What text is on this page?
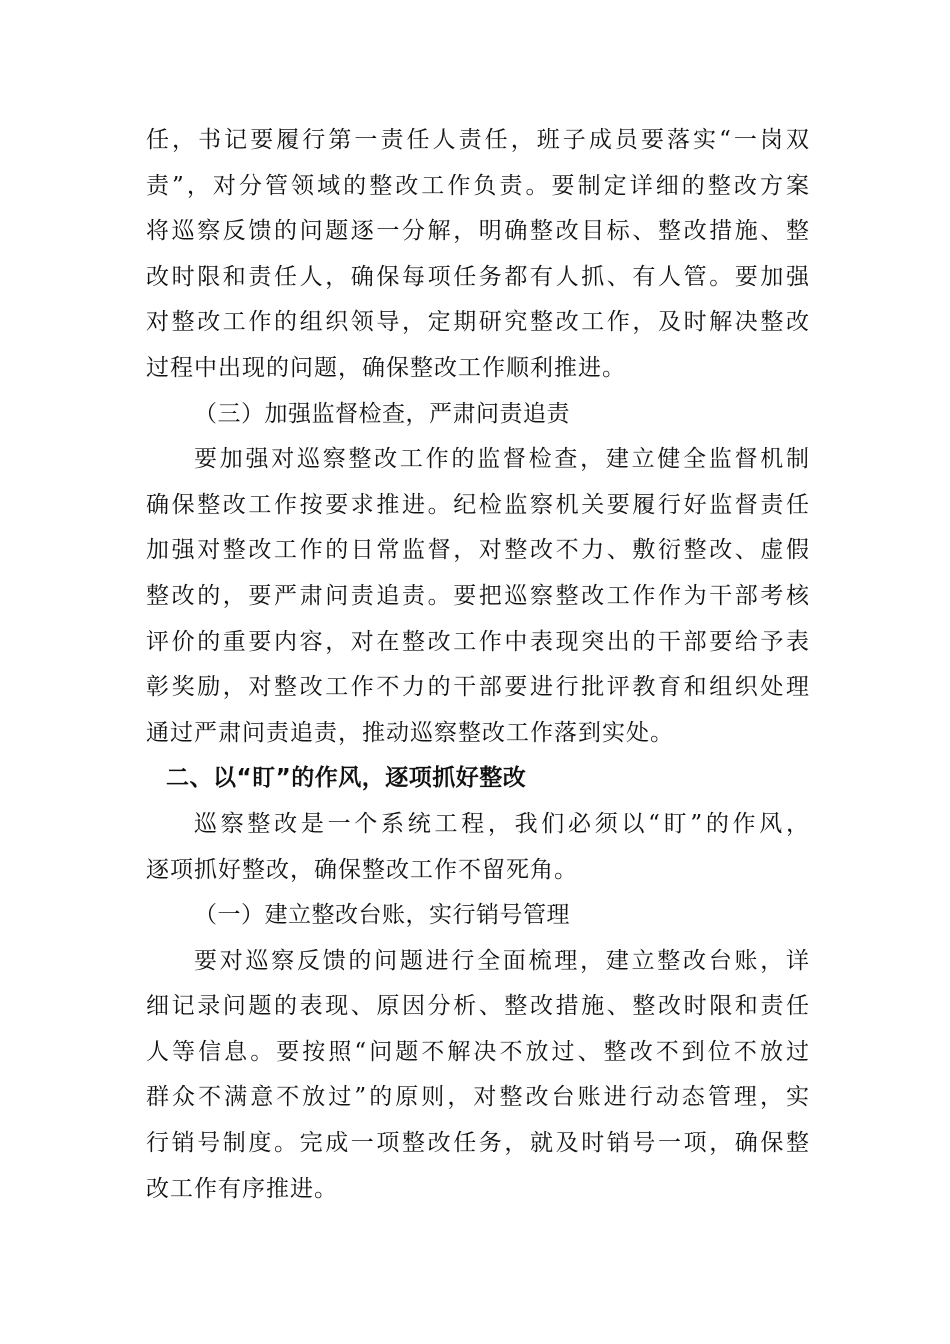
任，书记要履行第一责任人责任，班子成员要落实“一岗双
责”，对分管领域的整改工作负责。要制定详细的整改方案
将巡察反馈的问题逐一分解，明确整改目标、整改措施、整
改时限和责任人，确保每项任务都有人抓、有人管。要加强
对整改工作的组织领导，定期研究整改工作，及时解决整改
过程中出现的问题，确保整改工作顺利推进。
（三）加强监督检查，严肃问责追责
要加强对巡察整改工作的监督检查，建立健全监督机制
确保整改工作按要求推进。纪检监察机关要履行好监督责任
加强对整改工作的日常监督，对整改不力、敷衍整改、虚假
整改的，要严肃问责追责。要把巡察整改工作作为干部考核
评价的重要内容，对在整改工作中表现突出的干部要给予表
彰奖励，对整改工作不力的干部要进行批评教育和组织处理
通过严肃问责追责，推动巡察整改工作落到实处。
二、以“盯”的作风，逐项抓好整改
巡察整改是一个系统工程，我们必须以“盯”的作风，
逐项抓好整改，确保整改工作不留死角。
（一）建立整改台账，实行销号管理
要对巡察反馈的问题进行全面梳理，建立整改台账，详
细记录问题的表现、原因分析、整改措施、整改时限和责任
人等信息。要按照“问题不解决不放过、整改不到位不放过
群众不满意不放过”的原则，对整改台账进行动态管理，实
行销号制度。完成一项整改任务，就及时销号一项，确保整
改工作有序推进。
